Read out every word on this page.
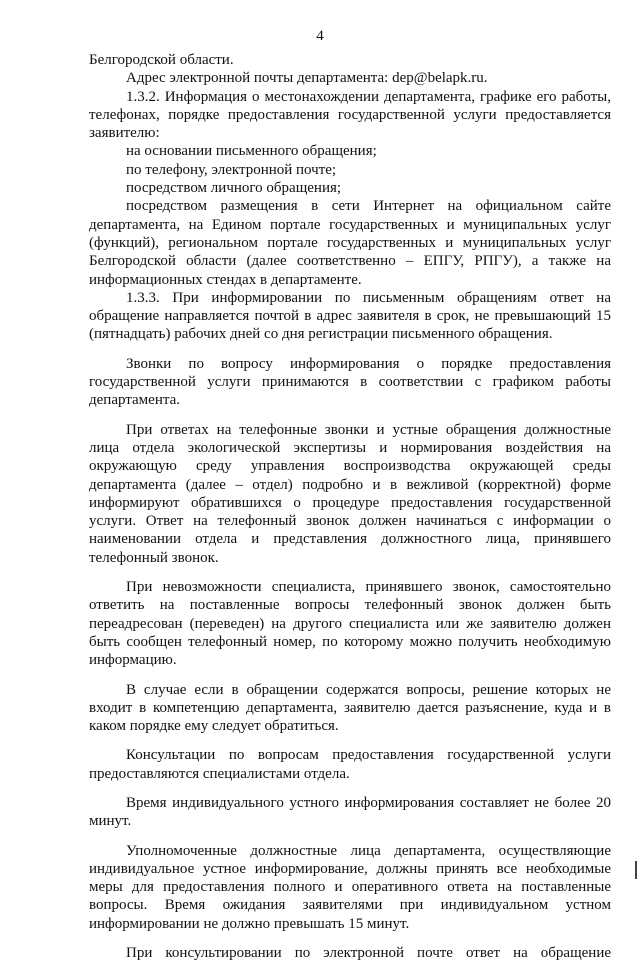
4

Белгородской области.

Адрес электронной почты департамента: dep@belapk.ru.

1.3.2. Информация о местонахождении департамента, графике его работы, телефонах, порядке предоставления государственной услуги предоставляется заявителю:

на основании письменного обращения;

по телефону, электронной почте;

посредством личного обращения;

посредством размещения в сети Интернет на официальном сайте департамента, на Едином портале государственных и муниципальных услуг (функций), региональном портале государственных и муниципальных услуг Белгородской области (далее соответственно – ЕПГУ, РПГУ), а также на информационных стендах в департаменте.

1.3.3. При информировании по письменным обращениям ответ на обращение направляется почтой в адрес заявителя в срок, не превышающий 15 (пятнадцать) рабочих дней со дня регистрации письменного обращения.

Звонки по вопросу информирования о порядке предоставления государственной услуги принимаются в соответствии с графиком работы департамента.

При ответах на телефонные звонки и устные обращения должностные лица отдела экологической экспертизы и нормирования воздействия на окружающую среду управления воспроизводства окружающей среды департамента (далее – отдел) подробно и в вежливой (корректной) форме информируют обратившихся о процедуре предоставления государственной услуги. Ответ на телефонный звонок должен начинаться с информации о наименовании отдела и представления должностного лица, принявшего телефонный звонок.

При невозможности специалиста, принявшего звонок, самостоятельно ответить на поставленные вопросы телефонный звонок должен быть переадресован (переведен) на другого специалиста или же заявителю должен быть сообщен телефонный номер, по которому можно получить необходимую информацию.

В случае если в обращении содержатся вопросы, решение которых не входит в компетенцию департамента, заявителю дается разъяснение, куда и в каком порядке ему следует обратиться.

Консультации по вопросам предоставления государственной услуги предоставляются специалистами отдела.

Время индивидуального устного информирования составляет не более 20 минут.

Уполномоченные должностные лица департамента, осуществляющие индивидуальное устное информирование, должны принять все необходимые меры для предоставления полного и оперативного ответа на поставленные вопросы. Время ожидания заявителями при индивидуальном устном информировании не должно превышать 15 минут.

При консультировании по электронной почте ответ на обращение
